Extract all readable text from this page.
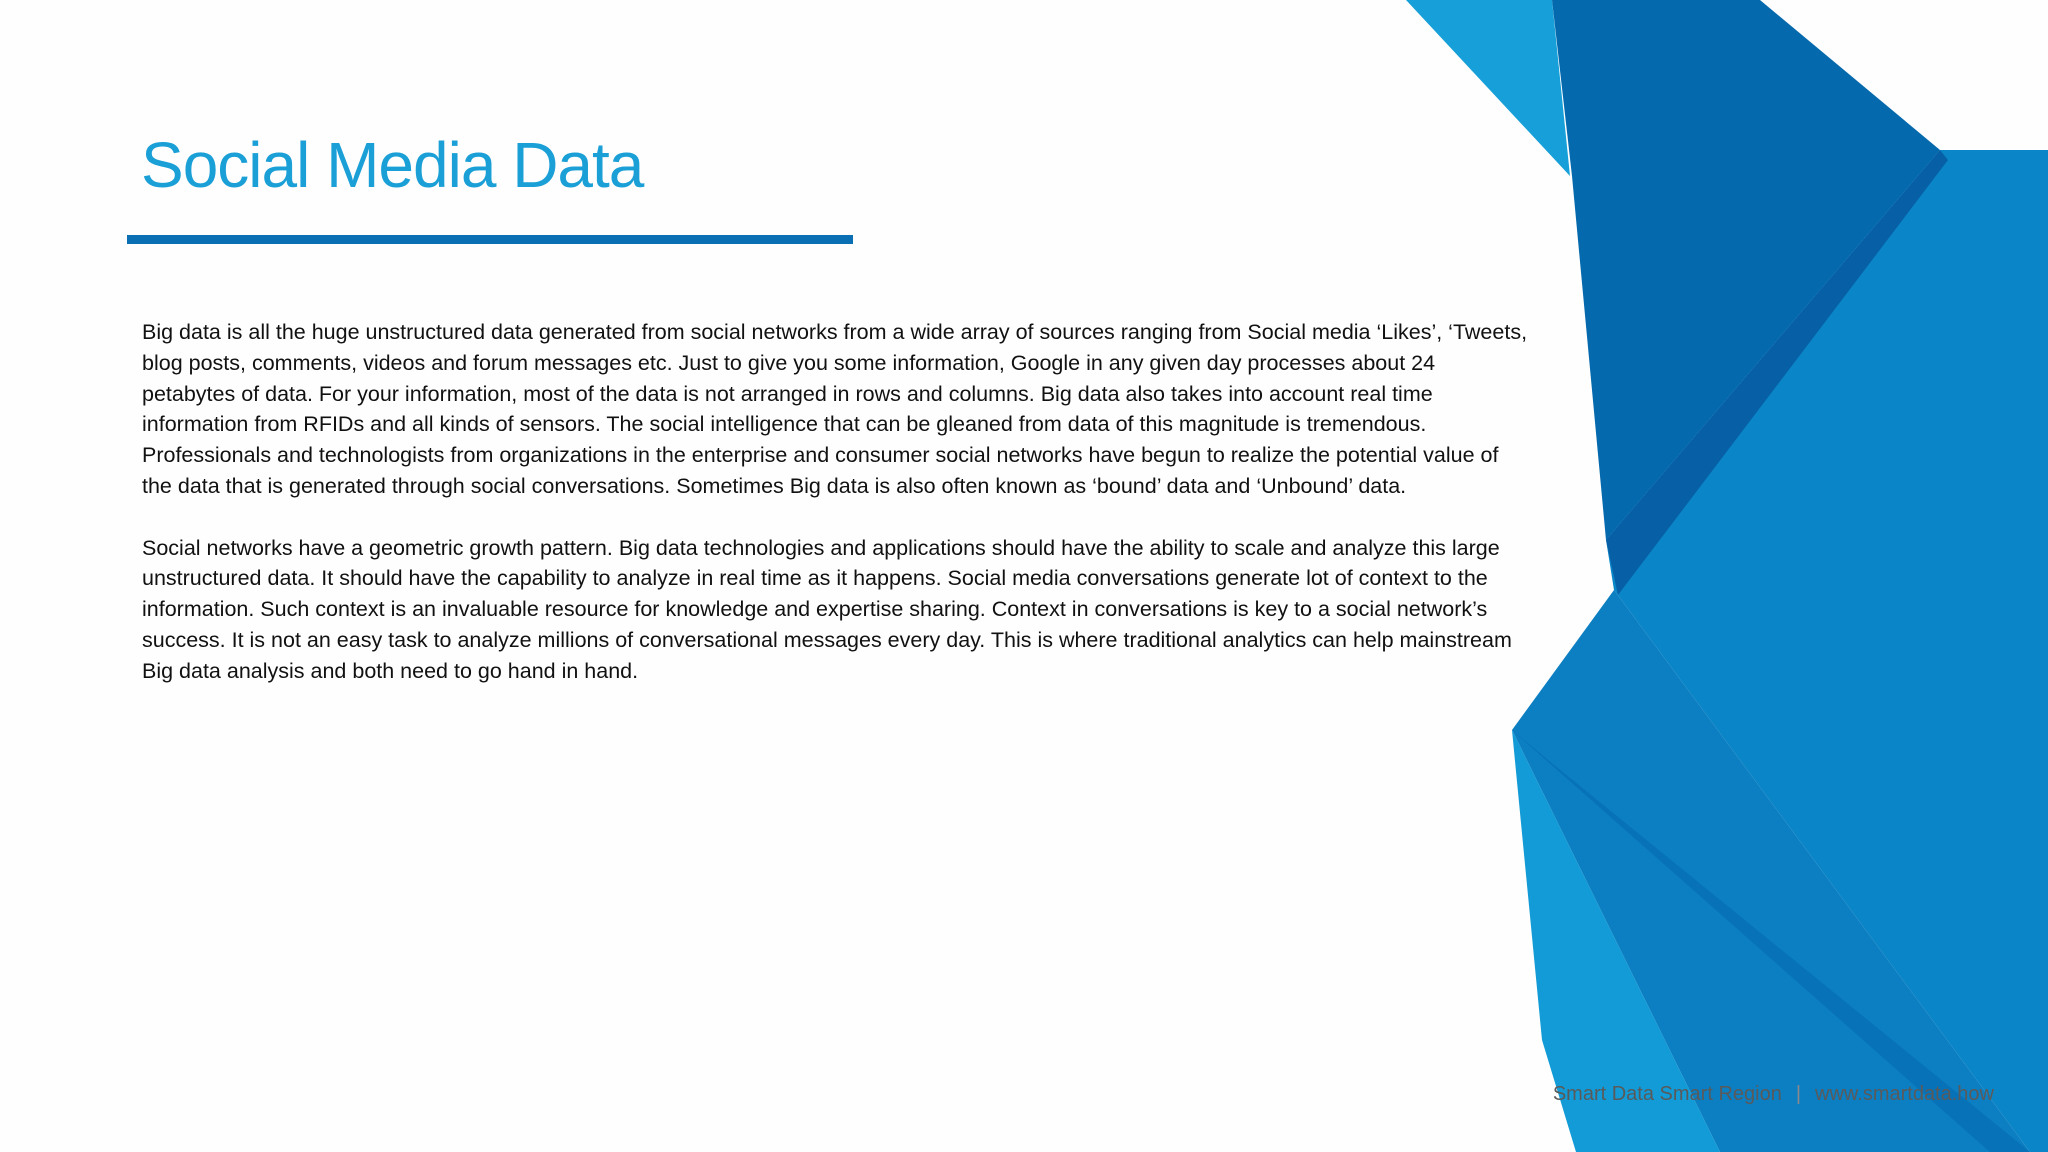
Social Media Data

Big data is all the huge unstructured data generated from social networks from a wide array of sources ranging from Social media ‘Likes’, ‘Tweets, blog posts, comments, videos and forum messages etc. Just to give you some information, Google in any given day processes about 24 petabytes of data. For your information, most of the data is not arranged in rows and columns. Big data also takes into account real time information from RFIDs and all kinds of sensors. The social intelligence that can be gleaned from data of this magnitude is tremendous. Professionals and technologists from organizations in the enterprise and consumer social networks have begun to realize the potential value of the data that is generated through social conversations. Sometimes Big data is also often known as ‘bound’ data and ‘Unbound’ data.

Social networks have a geometric growth pattern. Big data technologies and applications should have the ability to scale and analyze this large unstructured data. It should have the capability to analyze in real time as it happens. Social media conversations generate lot of context to the information. Such context is an invaluable resource for knowledge and expertise sharing. Context in conversations is key to a social network’s success. It is not an easy task to analyze millions of conversational messages every day. This is where traditional analytics can help mainstream Big data analysis and both need to go hand in hand.

Smart Data Smart Region | www.smartdata.how
